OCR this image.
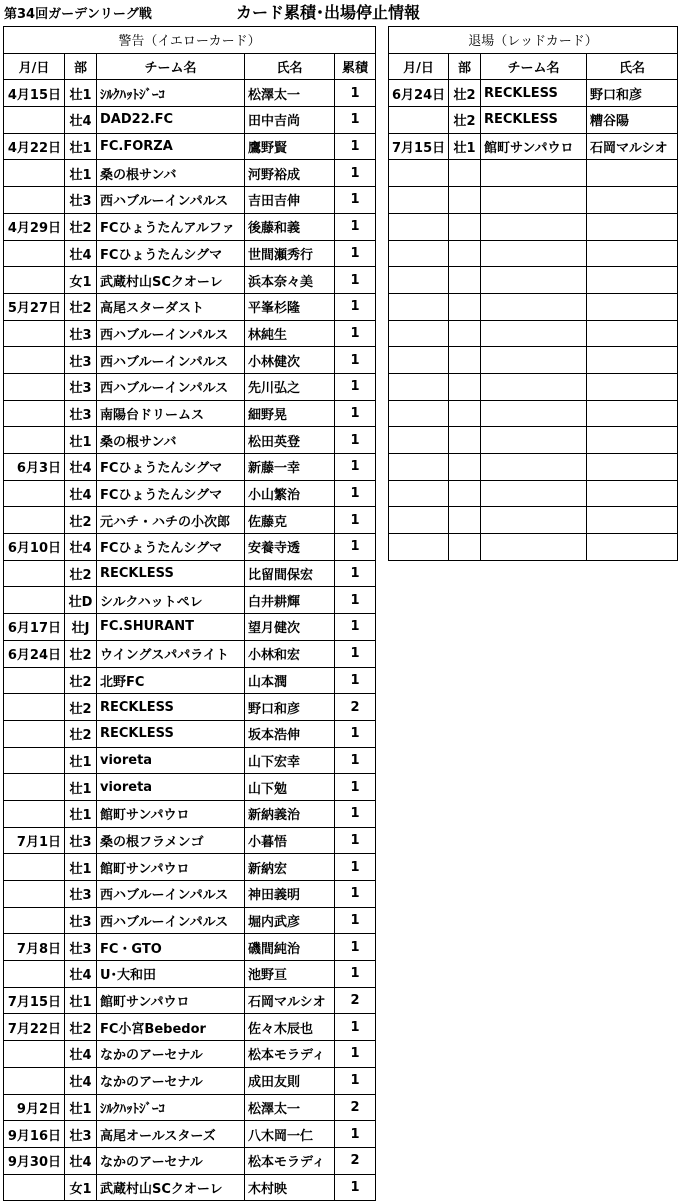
第34回ガーデンリーグ戦	カード累積･出場停止情報
警告（イエローカード）				
月/日	部	チーム名	氏名	累積
4月15日	壮1	ｼﾙｸﾊｯﾄｼﾞｰｺ	松澤太一	1
	壮4	DAD22.FC	田中吉尚	1
4月22日	壮1	FC.FORZA	鷹野賢	1
	壮1	桑の根サンバ	河野裕成	1
	壮3	西ハブルーインパルス	吉田吉伸	1
4月29日	壮2	FCひょうたんアルファ	後藤和義	1
	壮4	FCひょうたんシグマ	世間瀬秀行	1
	女1	武蔵村山SCクオーレ	浜本奈々美	1
5月27日	壮2	高尾スターダスト	平峯杉隆	1
	壮3	西ハブルーインパルス	林純生	1
	壮3	西ハブルーインパルス	小林健次	1
	壮3	西ハブルーインパルス	先川弘之	1
	壮3	南陽台ドリームス	細野晃	1
	壮1	桑の根サンバ	松田英登	1
6月3日	壮4	FCひょうたんシグマ	新藤一幸	1
	壮4	FCひょうたんシグマ	小山繁治	1
	壮2	元ハチ・ハチの小次郎	佐藤克	1
6月10日	壮4	FCひょうたんシグマ	安養寺透	1
	壮2	RECKLESS	比留間保宏	1
	壮D	シルクハットペレ	白井耕輝	1
6月17日	壮J	FC.SHURANT	望月健次	1
6月24日	壮2	ウイングスパパライト	小林和宏	1
	壮2	北野FC	山本潤	1
	壮2	RECKLESS	野口和彦	2
	壮2	RECKLESS	坂本浩伸	1
	壮1	vioreta	山下宏幸	1
	壮1	vioreta	山下勉	1
	壮1	館町サンパウロ	新納義治	1
7月1日	壮3	桑の根フラメンゴ	小暮悟	1
	壮1	館町サンパウロ	新納宏	1
	壮3	西ハブルーインパルス	神田義明	1
	壮3	西ハブルーインパルス	堀内武彦	1
7月8日	壮3	FC・GTO	磯間純治	1
	壮4	U･大和田	池野亘	1
7月15日	壮1	館町サンパウロ	石岡マルシオ	2
7月22日	壮2	FC小宮Bebedor	佐々木辰也	1
	壮4	なかのアーセナル	松本モラディ	1
	壮4	なかのアーセナル	成田友則	1
9月2日	壮1	ｼﾙｸﾊｯﾄｼﾞｰｺ	松澤太一	2
9月16日	壮3	高尾オールスターズ	八木岡一仁	1
9月30日	壮4	なかのアーセナル	松本モラディ	2
	女1	武蔵村山SCクオーレ	木村映	1
退場（レッドカード）			
月/日	部	チーム名	氏名
6月24日	壮2	RECKLESS	野口和彦
	壮2	RECKLESS	糟谷陽
7月15日	壮1	館町サンパウロ	石岡マルシオ
